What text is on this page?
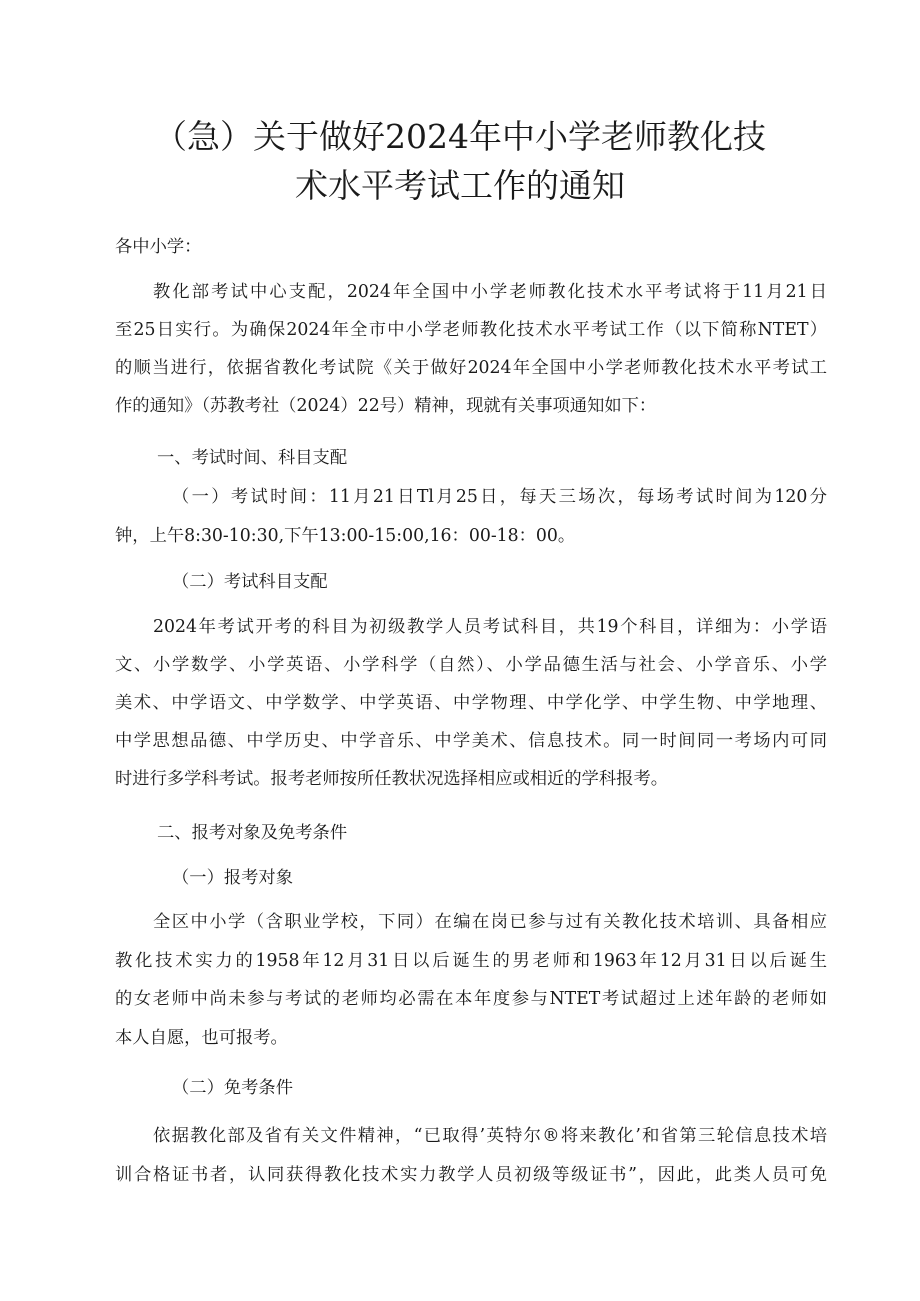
（急）关于做好2024年中小学老师教化技
术水平考试工作的通知

各中小学：

教化部考试中心支配，2024年全国中小学老师教化技术水平考试将于11月21日

至25日实行。为确保2024年全市中小学老师教化技术水平考试工作（以下简称NTET）

的顺当进行，依据省教化考试院《关于做好2024年全国中小学老师教化技术水平考试工

作的通知》（苏教考社（2024）22号）精神，现就有关事项通知如下：

一、考试时间、科目支配

（一）考试时间：11月21日Tl月25日，每天三场次，每场考试时间为120分

钟，上午8:30-10:30,下午13:00-15:00,16：00-18：00。

（二）考试科目支配

2024年考试开考的科目为初级教学人员考试科目，共19个科目，详细为：小学语

文、小学数学、小学英语、小学科学（自然）、小学品德生活与社会、小学音乐、小学

美术、中学语文、中学数学、中学英语、中学物理、中学化学、中学生物、中学地理、

中学思想品德、中学历史、中学音乐、中学美术、信息技术。同一时间同一考场内可同

时进行多学科考试。报考老师按所任教状况选择相应或相近的学科报考。

二、报考对象及免考条件

（一）报考对象

全区中小学（含职业学校，下同）在编在岗已参与过有关教化技术培训、具备相应

教化技术实力的1958年12月31日以后诞生的男老师和1963年12月31日以后诞生

的女老师中尚未参与考试的老师均必需在本年度参与NTET考试超过上述年龄的老师如

本人自愿，也可报考。

（二）免考条件

依据教化部及省有关文件精神，“已取得’英特尔®将来教化’和省第三轮信息技术培

训合格证书者，认同获得教化技术实力教学人员初级等级证书”，因此，此类人员可免
